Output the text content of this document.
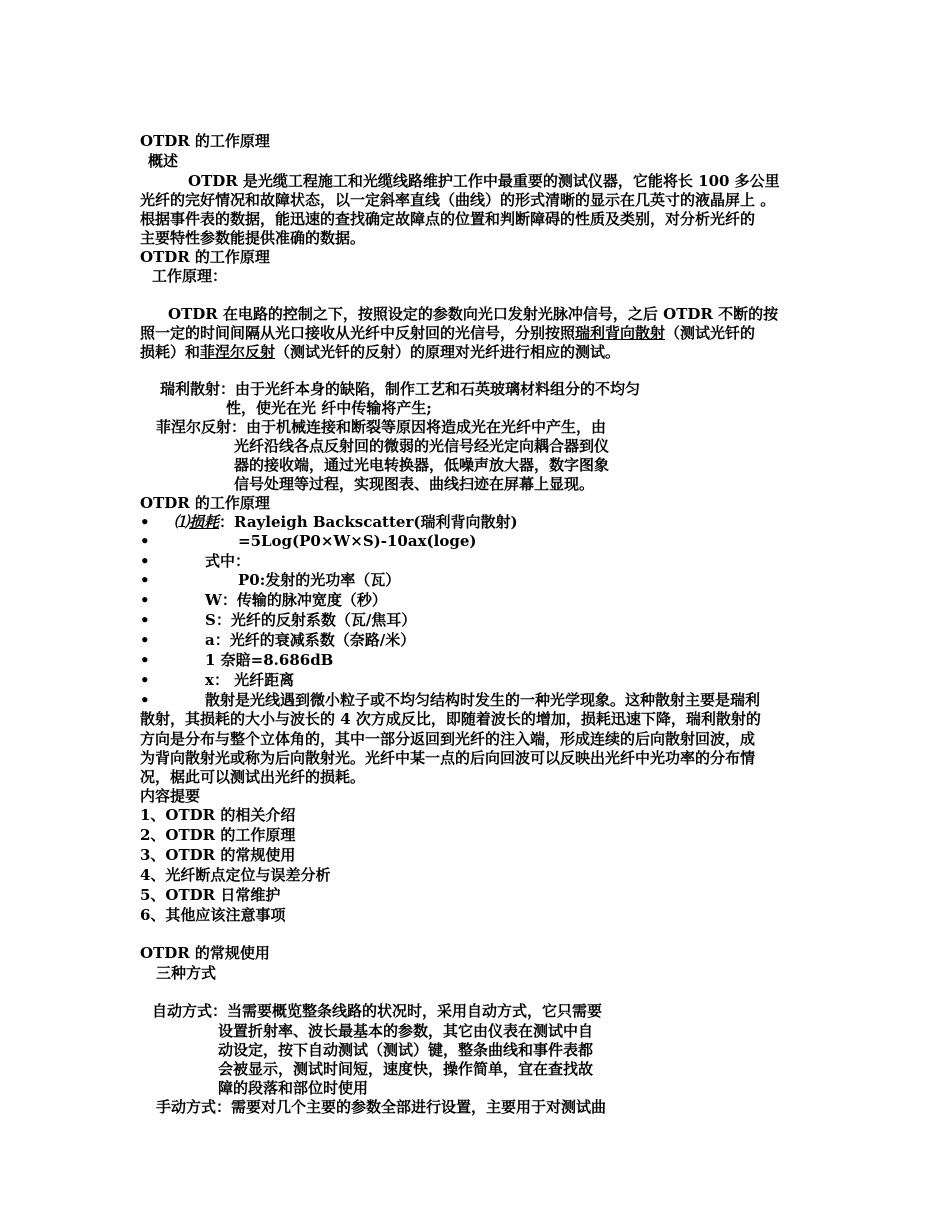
OTDR 的工作原理
概述
OTDR 是光缆工程施工和光缆线路维护工作中最重要的测试仪器，它能将长 100 多公里
光纤的完好情况和故障状态，以一定斜率直线（曲线）的形式清晰的显示在几英寸的液晶屏上 。
根据事件表的数据，能迅速的查找确定故障点的位置和判断障碍的性质及类别，对分析光纤的
主要特性参数能提供准确的数据。
OTDR 的工作原理
工作原理：
OTDR 在电路的控制之下，按照设定的参数向光口发射光脉冲信号，之后 OTDR 不断的按
照一定的时间间隔从光口接收从光纤中反射回的光信号，分别按照瑞利背向散射（测试光钎的
损耗）和菲涅尔反射（测试光钎的反射）的原理对光纤进行相应的测试。
瑞利散射：由于光纤本身的缺陷，制作工艺和石英玻璃材料组分的不均匀
性，使光在光 纤中传输将产生;
菲涅尔反射：由于机械连接和断裂等原因将造成光在光纤中产生，由
光纤沿线各点反射回的微弱的光信号经光定向耦合器到仪
器的接收端，通过光电转换器，低噪声放大器，数字图象
信号处理等过程，实现图表、曲线扫迹在屏幕上显现。
OTDR 的工作原理
• ⑴损耗：Rayleigh Backscatter(瑞利背向散射)
•	=5Log(P0×W×S)-10ax(loge)
•	式中：
•	P0:发射的光功率（瓦）
•	W：传输的脉冲宽度（秒）
•	S：光纤的反射系数（瓦/焦耳）
•	a：光纤的衰减系数（奈路/米）
•	1 奈賠=8.686dB
•	x： 光纤距离
•	散射是光线遇到微小粒子或不均匀结构时发生的一种光学现象。这种散射主要是瑞利
散射，其损耗的大小与波长的 4 次方成反比，即随着波长的增加，损耗迅速下降，瑞利散射的
方向是分布与整个立体角的，其中一部分返回到光纤的注入端，形成连续的后向散射回波，成
为背向散射光或称为后向散射光。光纤中某一点的后向回波可以反映出光纤中光功率的分布情
况，椐此可以测试出光纤的损耗。
内容提要
1、OTDR 的相关介绍
2、OTDR 的工作原理
3、OTDR 的常规使用
4、光纤断点定位与误差分析
5、OTDR 日常维护
6、其他应该注意事项
OTDR 的常规使用
三种方式
自动方式：当需要概览整条线路的状况时，采用自动方式，它只需要
设置折射率、波长最基本的参数，其它由仪表在测试中自
动设定，按下自动测试（测试）键，整条曲线和事件表都
会被显示，测试时间短，速度快，操作简单，宜在查找故
障的段落和部位时使用
手动方式：需要对几个主要的参数全部进行设置，主要用于对测试曲
